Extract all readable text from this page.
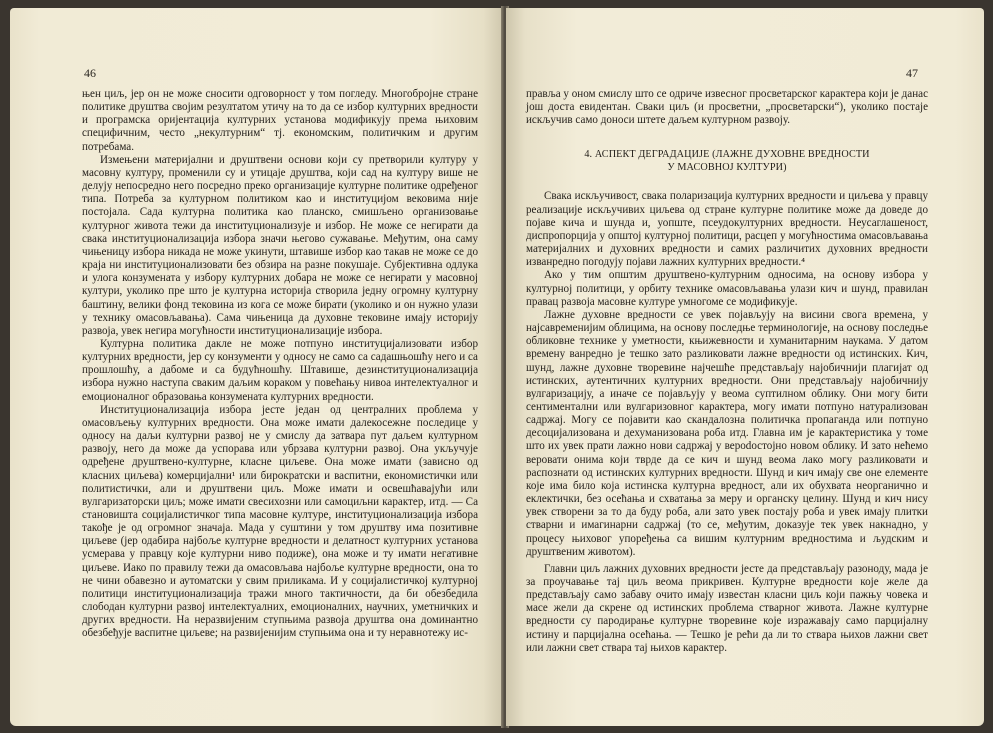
46

њен циљ, јер он не може сносити одговорност у том погледу. Многобројне стране политике друштва својим резултатом утичу на то да се избор културних вредности и програмска оријентација културних установа модификују према њиховим специфичним, често „некултурним“ тј. економским, политичким и другим потребама.

Измењени материјални и друштвени основи који су претворили културу у масовну културу, променили су и утицаје друштва, који сад на културу више не делују непосредно него посредно преко организације културне политике одређеног типа. Потреба за културном политиком као и институцијом вековима није постојала. Сада културна политика као планско, смишљено организовање културног живота тежи да институционализује и избор. Не може се негирати да свака институционализација избора значи његово сужавање. Међутим, она саму чињеницу избора никада не може укинути, штавише избор као такав не може се до краја ни институционализовати без обзира на разне покушаје. Субјективна одлука и улога конзумената у избору културних добара не може се негирати у масовној култури, уколико пре што је културна историја створила једну огромну културну баштину, велики фонд тековина из кога се може бирати (уколико и он нужно улази у технику омасовљавања). Сама чињеница да духовне тековине имају историју развоја, увек негира могућности институционализације избора.

Културна политика дакле не може потпуно институцијализовати избор културних вредности, јер су конзументи у односу не само са садашњошћу него и са прошлошћу, а дабоме и са будућношћу. Штавише, дезинституционализација избора нужно наступа сваким даљим кораком у повећању нивоа интелектуалног и емоционалног образовања конзумената културних вредности.

Институционализација избора јесте један од централних проблема у омасовљењу културних вредности. Она може имати далекосежне последице у односу на даљи културни развој не у смислу да затвара пут даљем културном развоју, него да може да успорава или убрзава културни развој. Она укључује одређене друштвено-културне, класне циљеве. Она може имати (зависно од класних циљева) комерцијални¹ или бирократски и васпитни, економистички или политистички, али и друштвени циљ. Може имати и освешћавајући или вулгаризаторски циљ; може имати свесихозни или самоциљни карактер, итд. — Са становишта социјалистичког типа масовне културе, институционализација избора такође је од огромног значаја. Мада у суштини у том друштву има позитивне циљеве (јер одабира најбоље културне вредности и делатност културних установа усмерава у правцу које културни ниво подиже), она може и ту имати негативне циљеве. Иако по правилу тежи да омасовљава најбоље културне вредности, она то не чини обавезно и аутоматски у свим приликама. И у социјалистичкој културној политици институционализација тражи много тактичности, да би обезбедила слободан културни развој интелектуалних, емоционалних, научних, уметничких и других вредности. На неразвијеним ступњима развоја друштва она доминантно обезбеђује васпитне циљеве; на развијенијим ступњима она и ту неравнотежу ис-

47

правља у оном смислу што се одриче извесног просветарског карактера који је данас још доста евидентан. Сваки циљ (и просветни, „просветарски“), уколико постаје искључив само доноси штете даљем културном развоју.

4. АСПЕКТ ДЕГРАДАЦИЈЕ (ЛАЖНЕ ДУХОВНЕ ВРЕДНОСТИ
У МАСОВНОЈ КУЛТУРИ)

Свака искључивост, свака поларизација културних вредности и циљева у правцу реализације искључивих циљева од стране културне политике може да доведе до појаве кича и шунда и, уопште, псеудокултурних вредности. Неусаглашеност, диспропорција у општој културној политици, расцеп у могућностима омасовљавања материјалних и духовних вредности и самих различитих духовних вредности изванредно погодују појави лажних културних вредности.⁴

Ако у тим општим друштвено-културним односима, на основу избора у културној политици, у орбиту технике омасовљавања улази кич и шунд, правилан правац развоја масовне културе умногоме се модификује.

Лажне духовне вредности се увек појављују на висини свога времена, у најсавременијим облицима, на основу последње терминологије, на основу последње обликовне технике у уметности, књижевности и хуманитарним наукама. У датом времену ванредно је тешко зато разликовати лажне вредности од истинских. Кич, шунд, лажне духовне творевине најчешће представљају најобичнији плагијат од истинских, аутентичних културних вредности. Они представљају најобичнију вулгаризацију, а иначе се појављују у веома суптилном облику. Они могу бити сентиментални или вулгаризовног карактера, могу имати потпуно натурализован садржај. Могу се појавити као скандалозна политичка пропаганда или потпуно десоцијализована и дехуманизована роба итд. Главна им је карактеристика у томе што их увек прати лажно нови садржај у вероdостојно новом облику. И зато нећемо веровати онима који тврде да се кич и шунд веома лако могу разликовати и распознати од истинских културних вредности. Шунд и кич имају све оне елементе које има било која истинска културна вредност, али их обухвата неорганично и еклектички, без осећања и схватања за меру и органску целину. Шунд и кич нису увек створени за то да буду роба, али зато увек постају роба и увек имају плитки стварни и имагинарни садржај (то се, међутим, доказује тек увек накнадно, у процесу њиховог упоређења са вишим културним вредностима и људским и друштвеним животом).

Главни циљ лажних духовних вредности јесте да представљају разоноду, мада је за проучавање тај циљ веома прикривен. Културне вредности које желе да представљају само забаву очито имају известан класни циљ који пажњу човека и масе жели да скрене од истинских проблема стварног живота. Лажне културне вредности су пародирање културне творевине које изражавају само парцијалну истину и парцијална осећања. — Тешко је рећи да ли то ствара њихов лажни свет или лажни свет ствара тај њихов карактер.
